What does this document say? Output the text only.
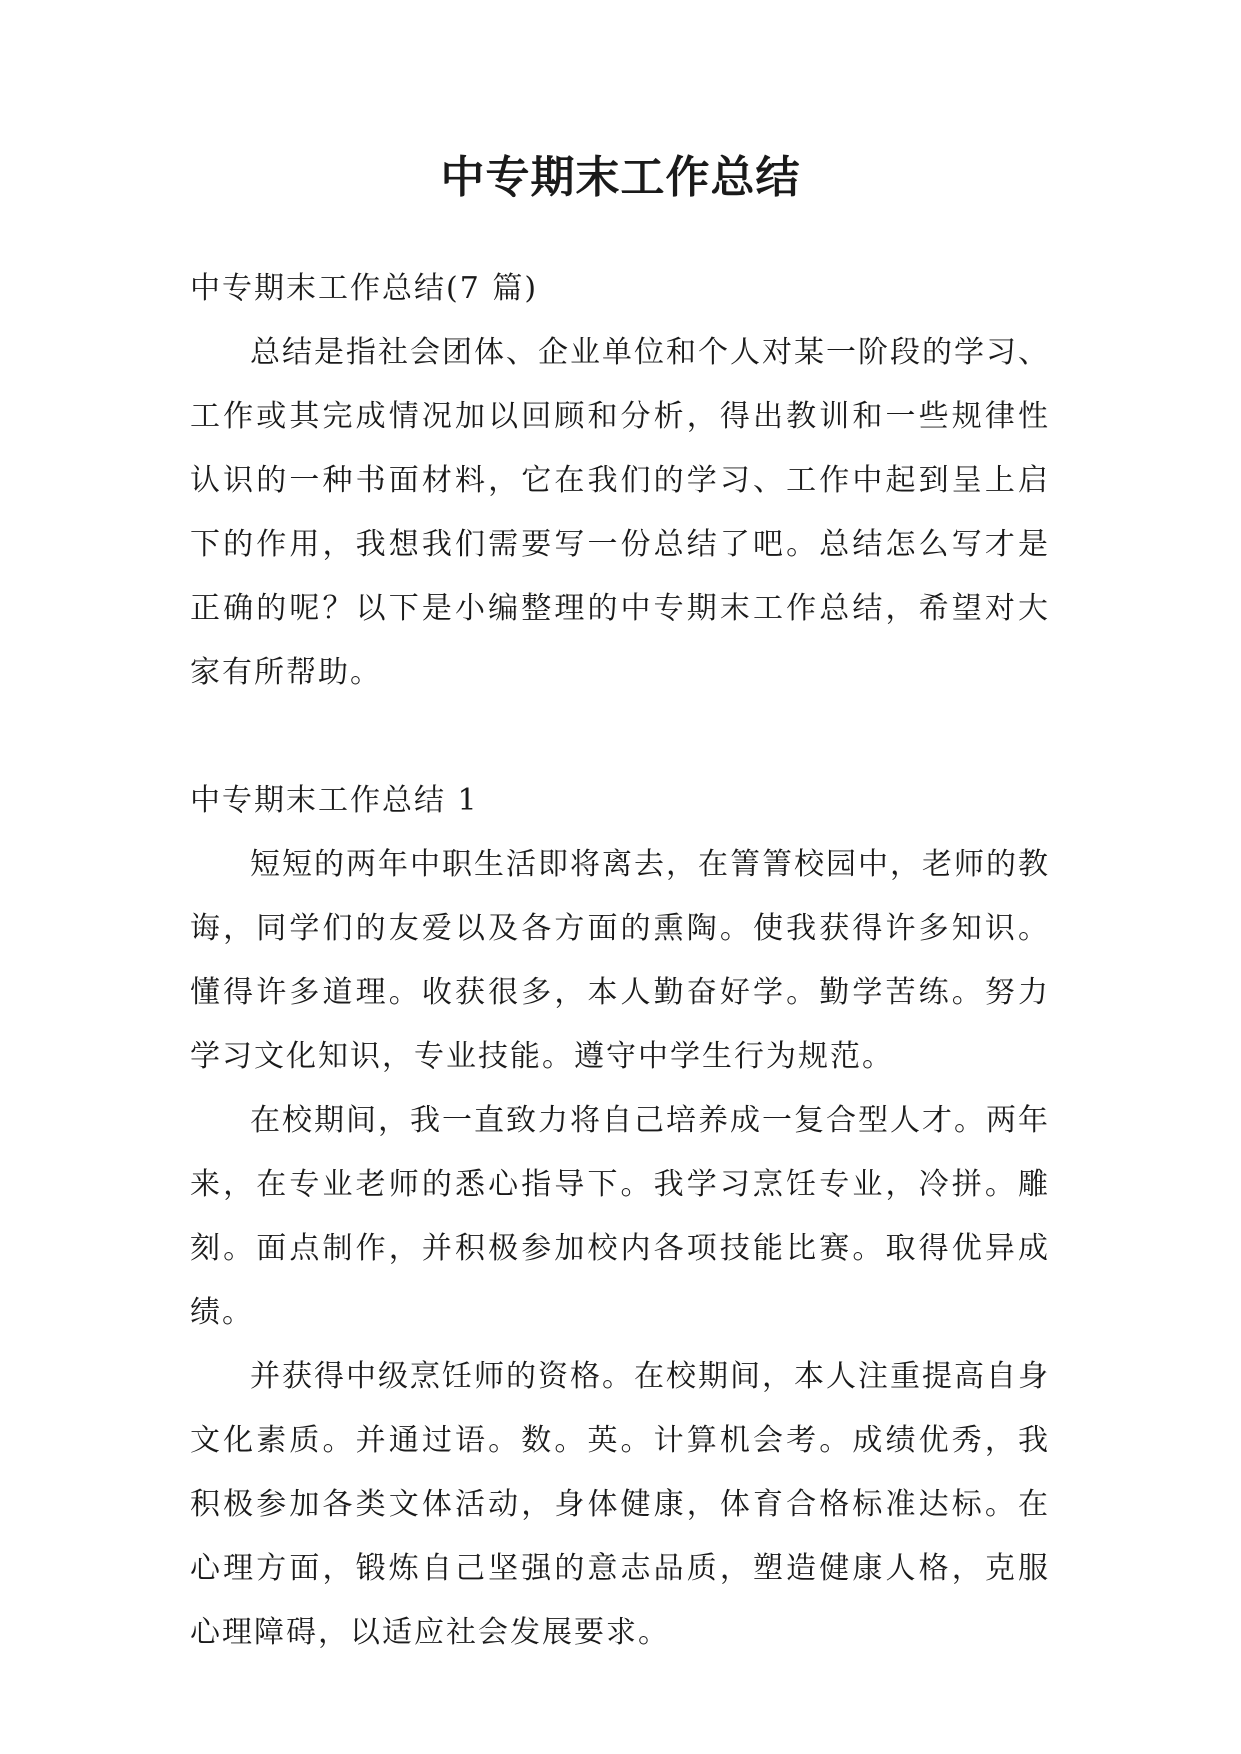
中专期末工作总结

中专期末工作总结(7 篇)

总结是指社会团体、企业单位和个人对某一阶段的学习、工作或其完成情况加以回顾和分析，得出教训和一些规律性认识的一种书面材料，它在我们的学习、工作中起到呈上启下的作用，我想我们需要写一份总结了吧。总结怎么写才是正确的呢？以下是小编整理的中专期末工作总结，希望对大家有所帮助。

中专期末工作总结 1

短短的两年中职生活即将离去，在箐箐校园中，老师的教诲，同学们的友爱以及各方面的熏陶。使我获得许多知识。懂得许多道理。收获很多，本人勤奋好学。勤学苦练。努力学习文化知识，专业技能。遵守中学生行为规范。

在校期间，我一直致力将自己培养成一复合型人才。两年来，在专业老师的悉心指导下。我学习烹饪专业，冷拼。雕刻。面点制作，并积极参加校内各项技能比赛。取得优异成绩。

并获得中级烹饪师的资格。在校期间，本人注重提高自身文化素质。并通过语。数。英。计算机会考。成绩优秀，我积极参加各类文体活动，身体健康，体育合格标准达标。在心理方面，锻炼自己坚强的意志品质，塑造健康人格，克服心理障碍，以适应社会发展要求。
